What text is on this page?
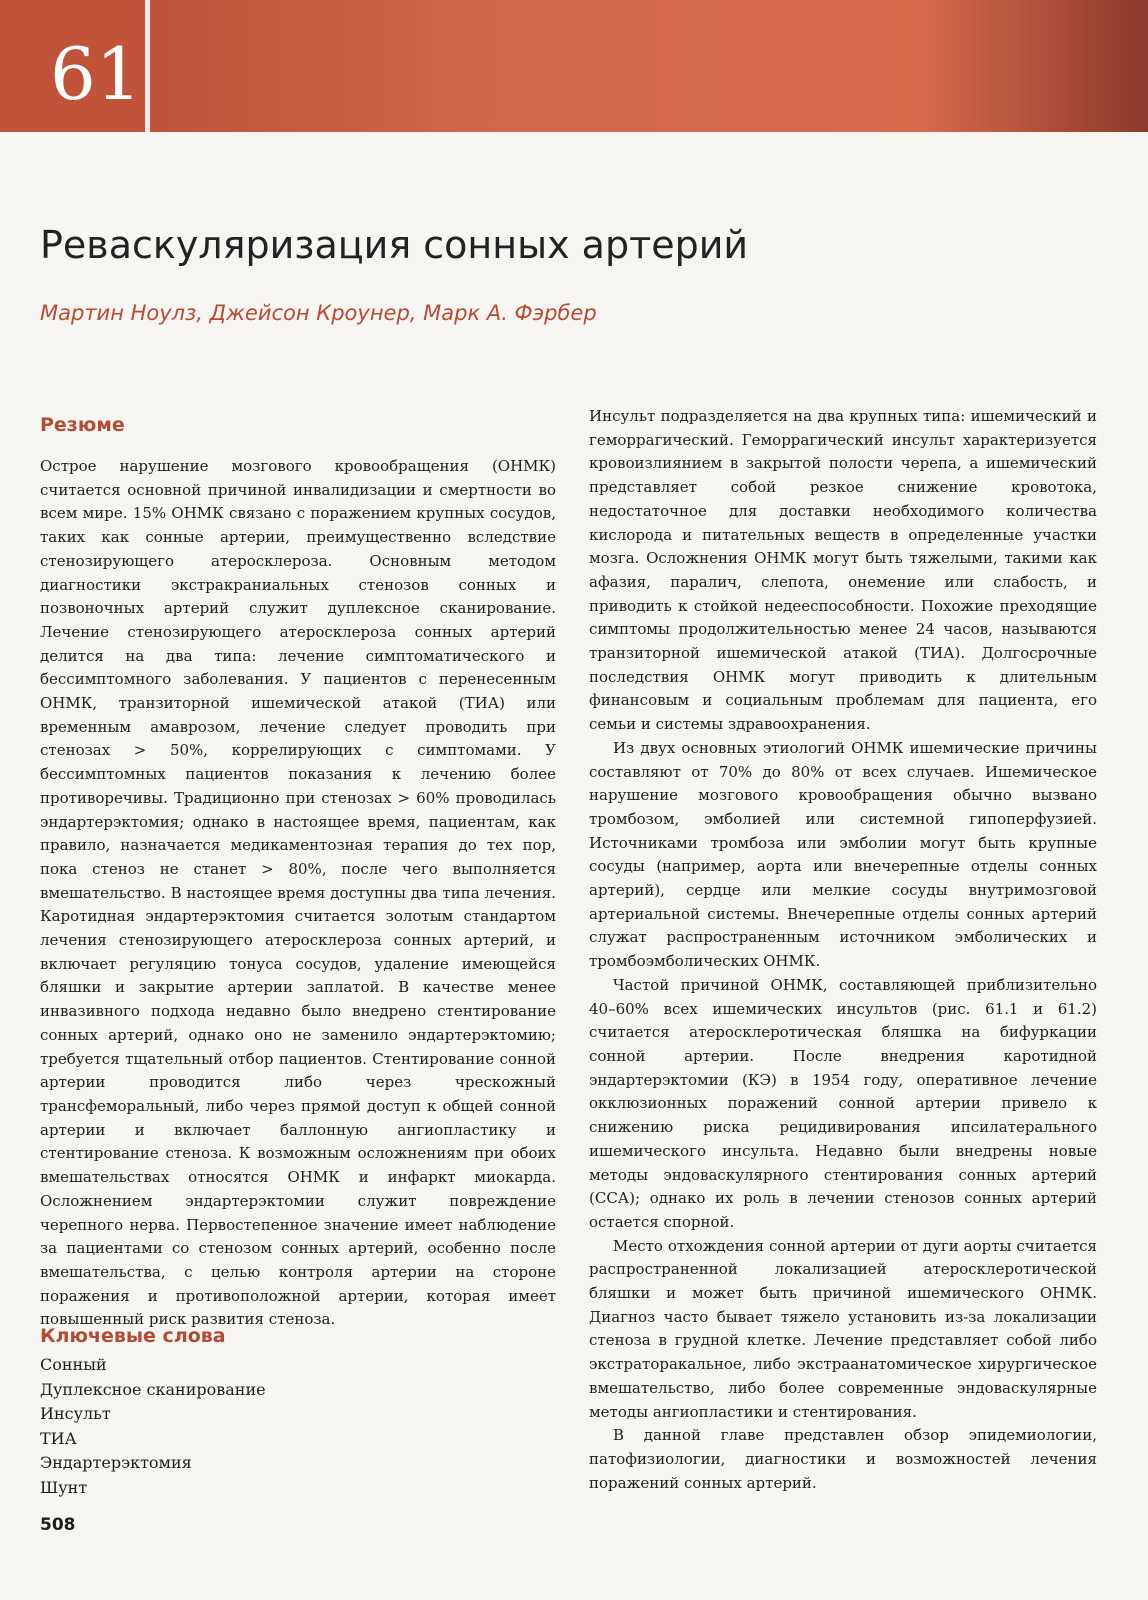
61
Реваскуляризация сонных артерий
Мартин Ноулз, Джейсон Кроунер, Марк А. Фэрбер
Резюме

Острое нарушение мозгового кровообращения (ОНМК) считается основной причиной инвалидизации и смертности во всем мире. 15% ОНМК связано с поражением крупных сосудов, таких как сонные артерии, преимущественно вследствие стенозирующего атеросклероза. Основным методом диагностики экстракраниальных стенозов сонных и позвоночных артерий служит дуплексное сканирование. Лечение стенозирующего атеросклероза сонных артерий делится на два типа: лечение симптоматического и бессимптомного заболевания. У пациентов с перенесенным ОНМК, транзиторной ишемической атакой (ТИА) или временным амаврозом, лечение следует проводить при стенозах > 50%, коррелирующих с симптомами. У бессимптомных пациентов показания к лечению более противоречивы. Традиционно при стенозах > 60% проводилась эндартерэктомия; однако в настоящее время, пациентам, как правило, назначается медикаментозная терапия до тех пор, пока стеноз не станет > 80%, после чего выполняется вмешательство. В настоящее время доступны два типа лечения. Каротидная эндартерэктомия считается золотым стандартом лечения стенозирующего атеросклероза сонных артерий, и включает регуляцию тонуса сосудов, удаление имеющейся бляшки и закрытие артерии заплатой. В качестве менее инвазивного подхода недавно было внедрено стентирование сонных артерий, однако оно не заменило эндартерэктомию; требуется тщательный отбор пациентов. Стентирование сонной артерии проводится либо через чрескожный трансфеморальный, либо через прямой доступ к общей сонной артерии и включает баллонную ангиопластику и стентирование стеноза. К возможным осложнениям при обоих вмешательствах относятся ОНМК и инфаркт миокарда. Осложнением эндартерэктомии служит повреждение черепного нерва. Первостепенное значение имеет наблюдение за пациентами со стенозом сонных артерий, особенно после вмешательства, с целью контроля артерии на стороне поражения и противоположной артерии, которая имеет повышенный риск развития стеноза.

Ключевые слова
Сонный
Дуплексное сканирование
Инсульт
ТИА
Эндартерэктомия
Шунт

Инсульт подразделяется на два крупных типа: ишемический и геморрагический. Геморрагический инсульт характеризуется кровоизлиянием в закрытой полости черепа, а ишемический представляет собой резкое снижение кровотока, недостаточное для доставки необходимого количества кислорода и питательных веществ в определенные участки мозга. Осложнения ОНМК могут быть тяжелыми, такими как афазия, паралич, слепота, онемение или слабость, и приводить к стойкой недееспособности. Похожие преходящие симптомы продолжительностью менее 24 часов, называются транзиторной ишемической атакой (ТИА). Долгосрочные последствия ОНМК могут приводить к длительным финансовым и социальным проблемам для пациента, его семьи и системы здравоохранения.

Из двух основных этиологий ОНМК ишемические причины составляют от 70% до 80% от всех случаев. Ишемическое нарушение мозгового кровообращения обычно вызвано тромбозом, эмболией или системной гипоперфузией. Источниками тромбоза или эмболии могут быть крупные сосуды (например, аорта или внечерепные отделы сонных артерий), сердце или мелкие сосуды внутримозговой артериальной системы. Внечерепные отделы сонных артерий служат распространенным источником эмболических и тромбоэмболических ОНМК.

Частой причиной ОНМК, составляющей приблизительно 40–60% всех ишемических инсультов (рис. 61.1 и 61.2) считается атеросклеротическая бляшка на бифуркации сонной артерии. После внедрения каротидной эндартерэктомии (КЭ) в 1954 году, оперативное лечение окклюзионных поражений сонной артерии привело к снижению риска рецидивирования ипсилатерального ишемического инсульта. Недавно были внедрены новые методы эндоваскулярного стентирования сонных артерий (ССА); однако их роль в лечении стенозов сонных артерий остается спорной.

Место отхождения сонной артерии от дуги аорты считается распространенной локализацией атеросклеротической бляшки и может быть причиной ишемического ОНМК. Диагноз часто бывает тяжело установить из-за локализации стеноза в грудной клетке. Лечение представляет собой либо экстраторакальное, либо экстраанатомическое хирургическое вмешательство, либо более современные эндоваскулярные методы ангиопластики и стентирования.

В данной главе представлен обзор эпидемиологии, патофизиологии, диагностики и возможностей лечения поражений сонных артерий.

508
